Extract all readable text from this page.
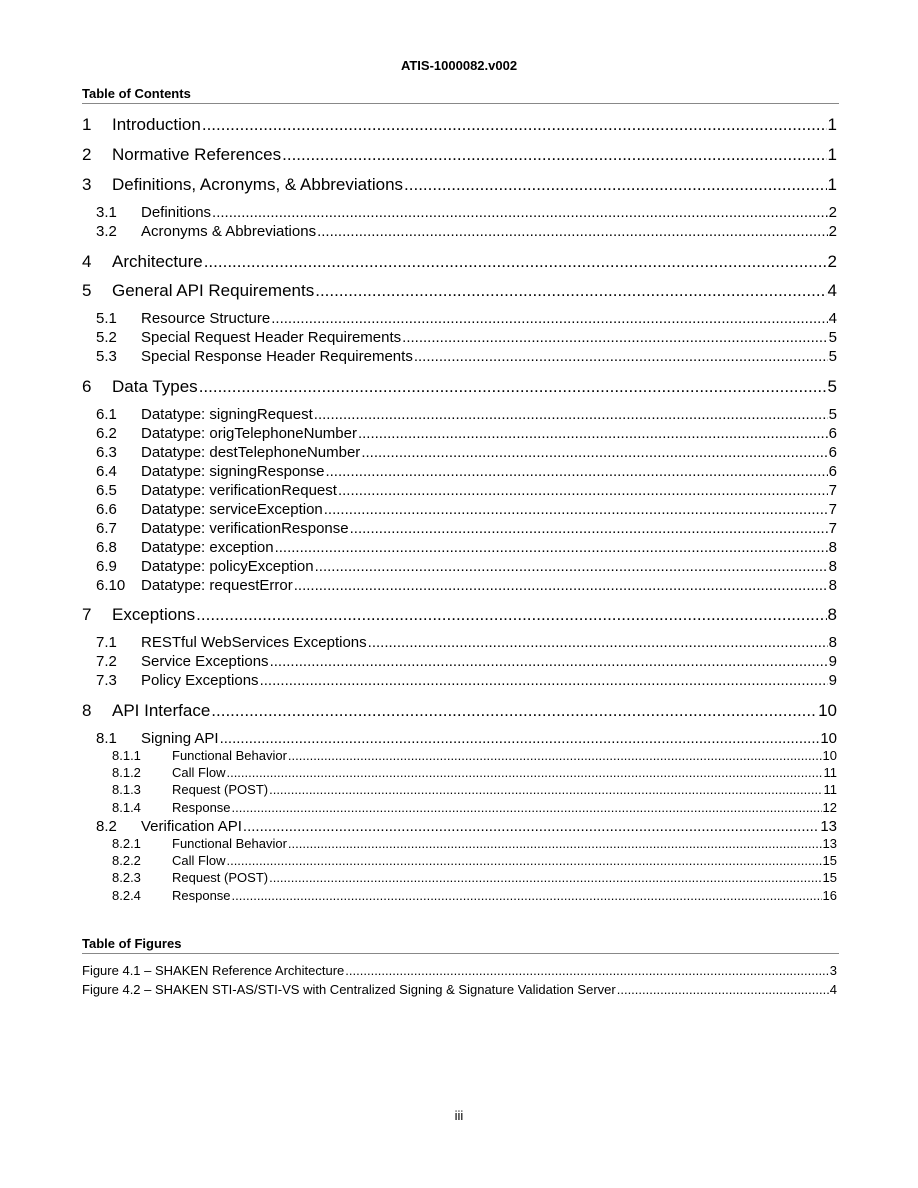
ATIS-1000082.v002
Table of Contents
1	Introduction .....	1
2	Normative References .....	1
3	Definitions, Acronyms, & Abbreviations .....	1
3.1	Definitions .....	2
3.2	Acronyms & Abbreviations .....	2
4	Architecture .....	2
5	General API Requirements .....	4
5.1	Resource Structure .....	4
5.2	Special Request Header Requirements .....	5
5.3	Special Response Header Requirements .....	5
6	Data Types .....	5
6.1	Datatype: signingRequest .....	5
6.2	Datatype: origTelephoneNumber .....	6
6.3	Datatype: destTelephoneNumber .....	6
6.4	Datatype: signingResponse .....	6
6.5	Datatype: verificationRequest .....	7
6.6	Datatype: serviceException .....	7
6.7	Datatype: verificationResponse .....	7
6.8	Datatype: exception .....	8
6.9	Datatype: policyException .....	8
6.10	Datatype: requestError .....	8
7	Exceptions .....	8
7.1	RESTful WebServices Exceptions .....	8
7.2	Service Exceptions .....	9
7.3	Policy Exceptions .....	9
8	API Interface .....	10
8.1	Signing API .....	10
8.1.1	Functional Behavior .....	10
8.1.2	Call Flow .....	11
8.1.3	Request (POST) .....	11
8.1.4	Response .....	12
8.2	Verification API .....	13
8.2.1	Functional Behavior .....	13
8.2.2	Call Flow .....	15
8.2.3	Request (POST) .....	15
8.2.4	Response .....	16
Table of Figures
Figure 4.1 – SHAKEN Reference Architecture .....	3
Figure 4.2 – SHAKEN STI-AS/STI-VS with Centralized Signing & Signature Validation Server .....	4
iii
